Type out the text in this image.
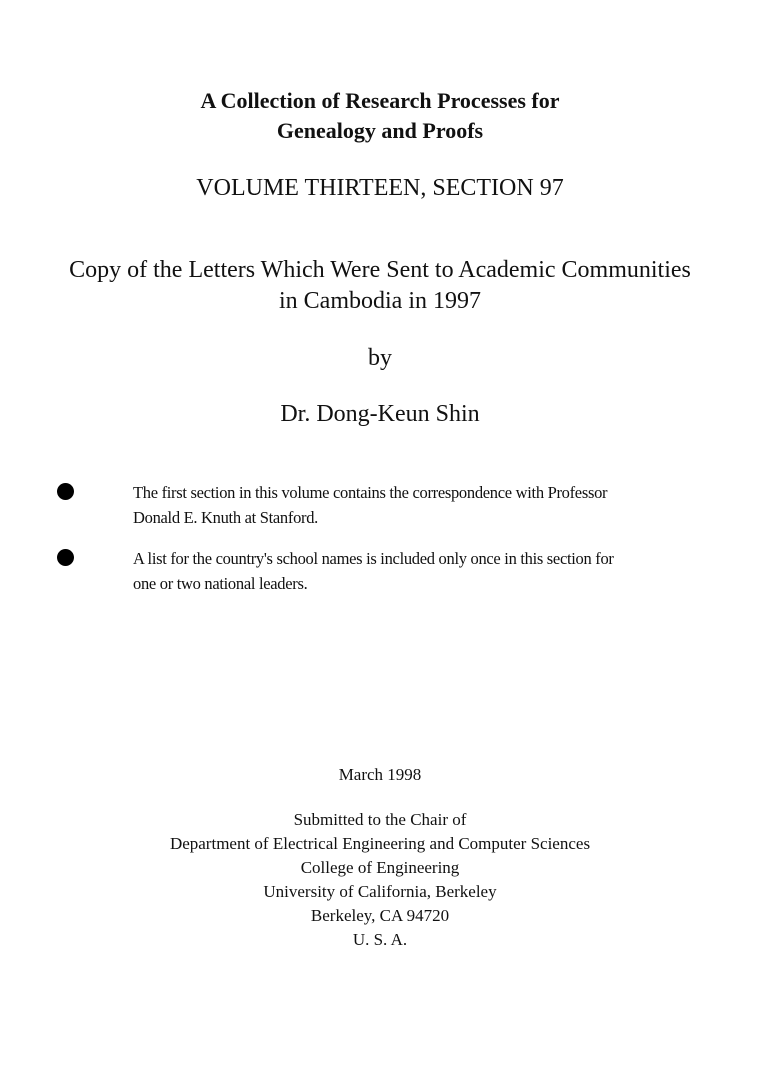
A Collection of Research Processes for
Genealogy and Proofs
VOLUME THIRTEEN, SECTION 97
Copy of the Letters Which Were Sent to Academic Communities
in Cambodia in 1997
by
Dr. Dong-Keun Shin
The first section in this volume contains the correspondence with Professor
Donald E. Knuth at Stanford.
A list for the country's school names is included only once in this section for
one or two national leaders.
March 1998
Submitted to the Chair of
Department of Electrical Engineering and Computer Sciences
College of Engineering
University of California, Berkeley
Berkeley, CA 94720
U. S. A.
